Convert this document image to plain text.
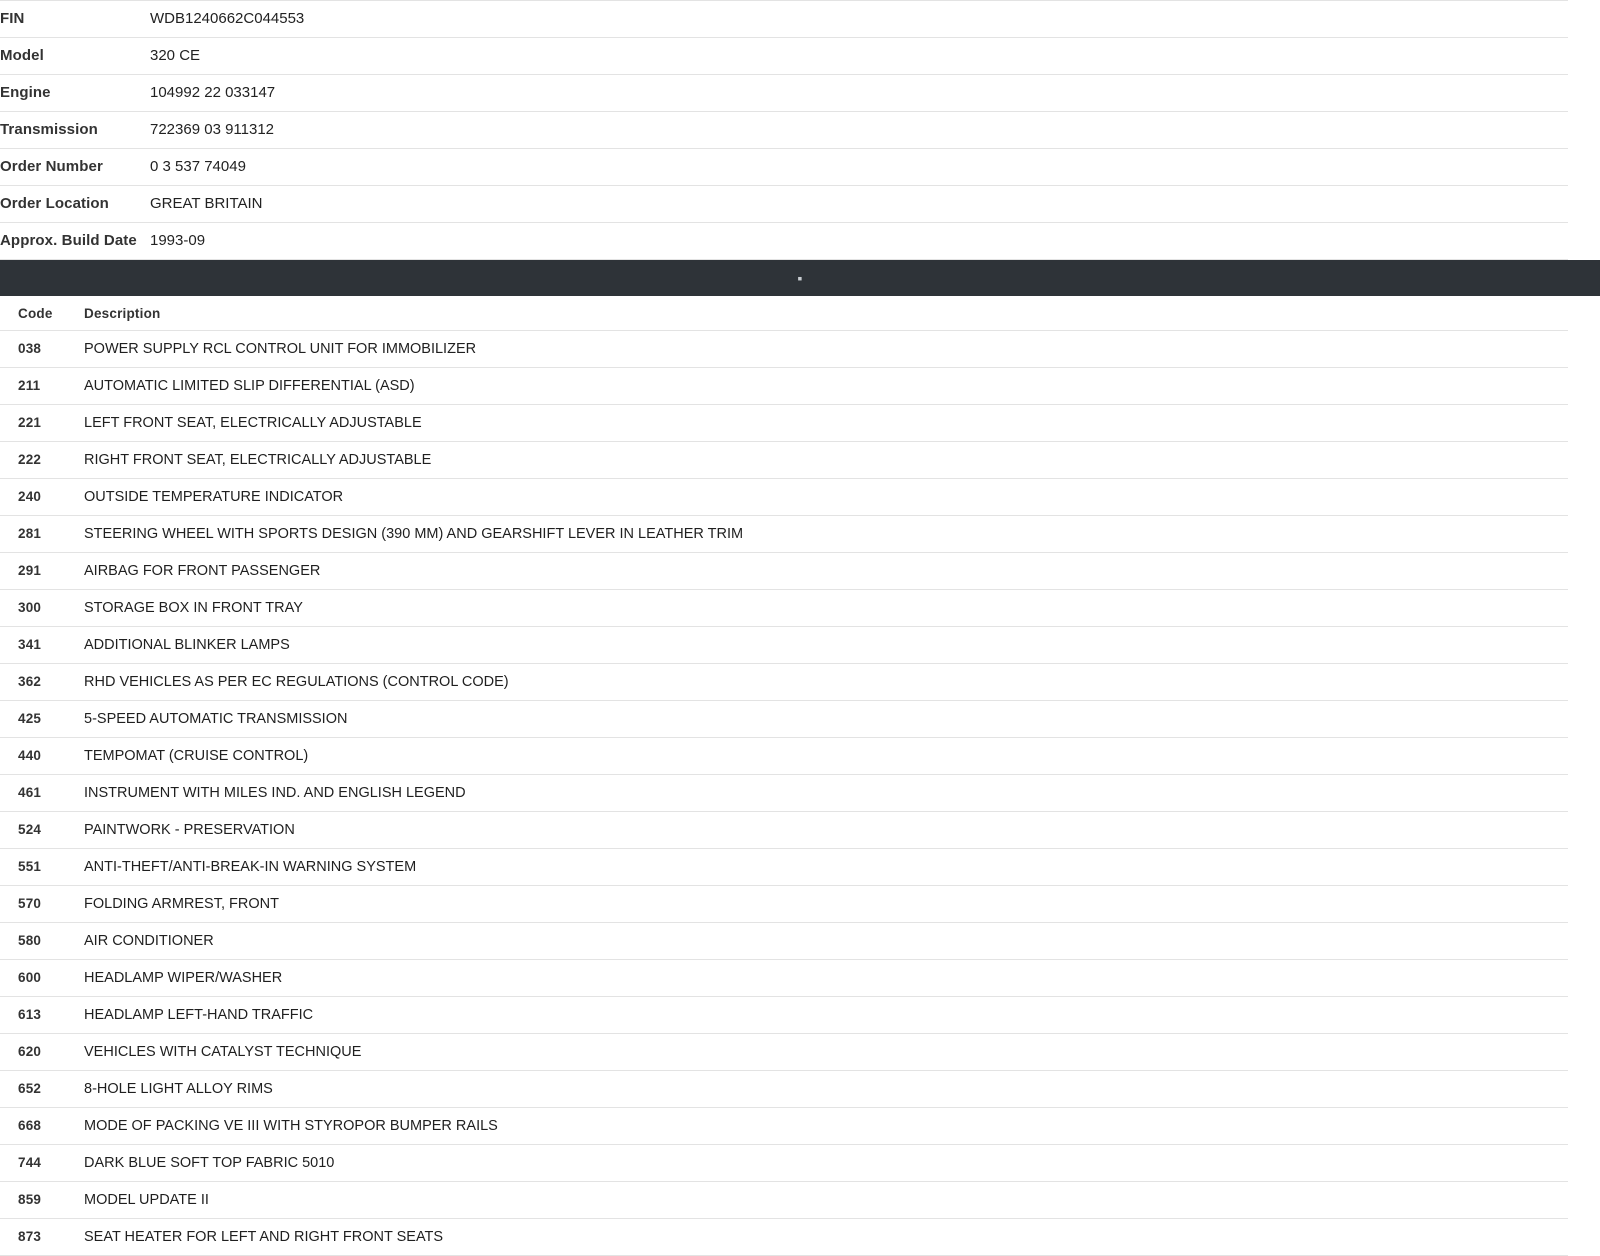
FIN	WDB1240662C044553
Model	320 CE
Engine	104992 22 033147
Transmission	722369 03 911312
Order Number	0 3 537 74049
Order Location	GREAT BRITAIN
Approx. Build Date	1993-09
▪
Code	Description
038	POWER SUPPLY RCL CONTROL UNIT FOR IMMOBILIZER
211	AUTOMATIC LIMITED SLIP DIFFERENTIAL (ASD)
221	LEFT FRONT SEAT, ELECTRICALLY ADJUSTABLE
222	RIGHT FRONT SEAT, ELECTRICALLY ADJUSTABLE
240	OUTSIDE TEMPERATURE INDICATOR
281	STEERING WHEEL WITH SPORTS DESIGN (390 MM) AND GEARSHIFT LEVER IN LEATHER TRIM
291	AIRBAG FOR FRONT PASSENGER
300	STORAGE BOX IN FRONT TRAY
341	ADDITIONAL BLINKER LAMPS
362	RHD VEHICLES AS PER EC REGULATIONS (CONTROL CODE)
425	5-SPEED AUTOMATIC TRANSMISSION
440	TEMPOMAT (CRUISE CONTROL)
461	INSTRUMENT WITH MILES IND. AND ENGLISH LEGEND
524	PAINTWORK - PRESERVATION
551	ANTI-THEFT/ANTI-BREAK-IN WARNING SYSTEM
570	FOLDING ARMREST, FRONT
580	AIR CONDITIONER
600	HEADLAMP WIPER/WASHER
613	HEADLAMP LEFT-HAND TRAFFIC
620	VEHICLES WITH CATALYST TECHNIQUE
652	8-HOLE LIGHT ALLOY RIMS
668	MODE OF PACKING VE III WITH STYROPOR BUMPER RAILS
744	DARK BLUE SOFT TOP FABRIC 5010
859	MODEL UPDATE II
873	SEAT HEATER FOR LEFT AND RIGHT FRONT SEATS
